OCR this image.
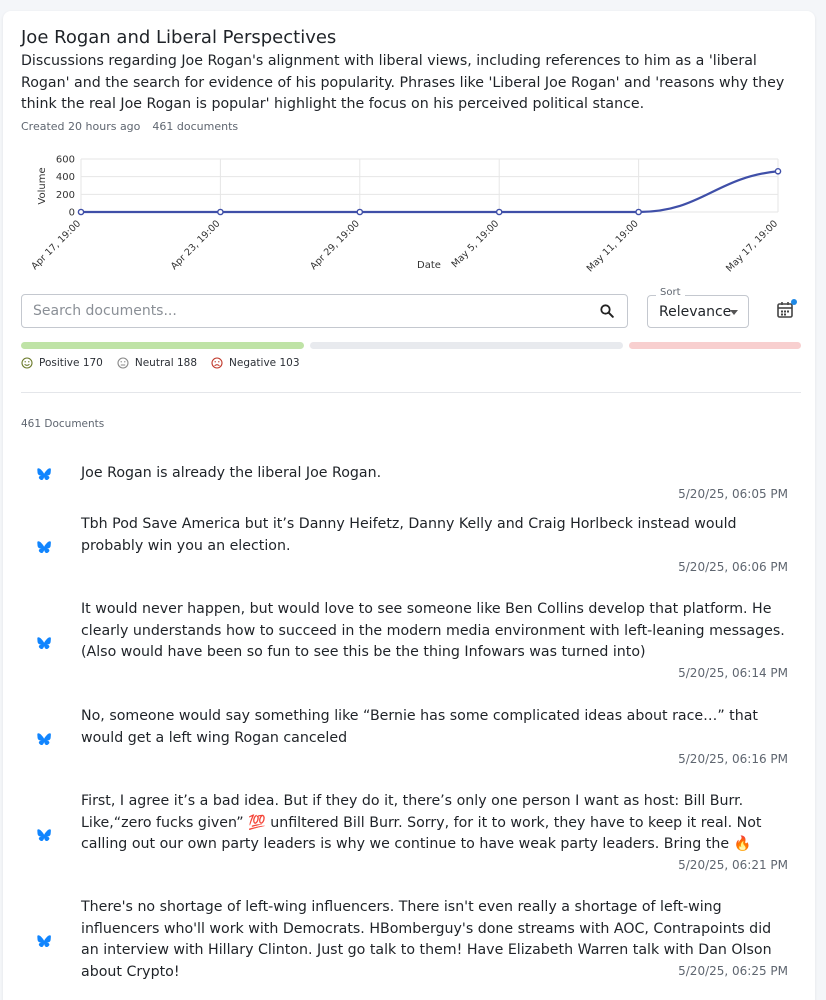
Joe Rogan and Liberal Perspectives
Discussions regarding Joe Rogan's alignment with liberal views, including references to him as a 'liberal Rogan' and the search for evidence of his popularity. Phrases like 'Liberal Joe Rogan' and 'reasons why they think the real Joe Rogan is popular' highlight the focus on his perceived political stance.
Created 20 hours ago 461 documents
0
200
400
600
Apr 17, 19:00	Apr 23, 19:00	Apr 29, 19:00	May 5, 19:00	May 11, 19:00	May 17, 19:00
Volume
Date
Search documents...
Sort
Relevance
Positive 170	Neutral 188	Negative 103
461 Documents
Joe Rogan is already the liberal Joe Rogan.
5/20/25, 06:05 PM
Tbh Pod Save America but it’s Danny Heifetz, Danny Kelly and Craig Horlbeck instead would probably win you an election.
5/20/25, 06:06 PM
It would never happen, but would love to see someone like Ben Collins develop that platform. He clearly understands how to succeed in the modern media environment with left-leaning messages. (Also would have been so fun to see this be the thing Infowars was turned into)
5/20/25, 06:14 PM
No, someone would say something like “Bernie has some complicated ideas about race…” that would get a left wing Rogan canceled
5/20/25, 06:16 PM
First, I agree it’s a bad idea. But if they do it, there’s only one person I want as host: Bill Burr. Like,“zero fucks given” 💯 unfiltered Bill Burr. Sorry, for it to work, they have to keep it real. Not calling out our own party leaders is why we continue to have weak party leaders. Bring the 🔥
5/20/25, 06:21 PM
There's no shortage of left-wing influencers. There isn't even really a shortage of left-wing influencers who'll work with Democrats. HBomberguy's done streams with AOC, Contrapoints did an interview with Hillary Clinton. Just go talk to them! Have Elizabeth Warren talk with Dan Olson about Crypto!	5/20/25, 06:25 PM
